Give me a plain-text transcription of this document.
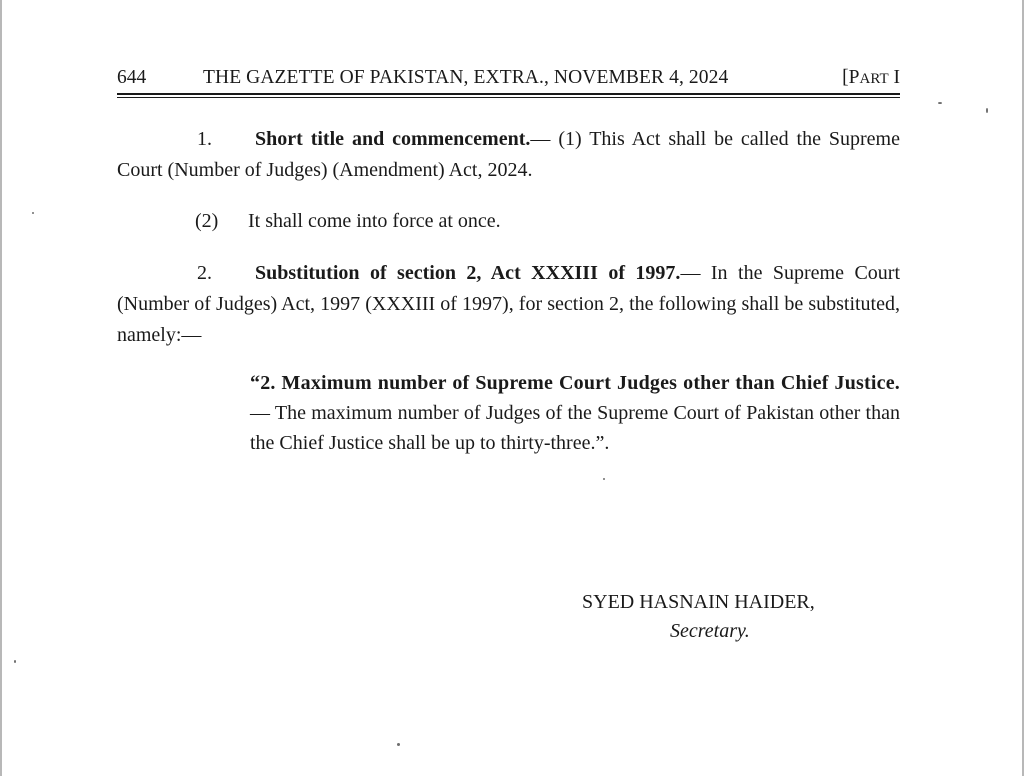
644	THE GAZETTE OF PAKISTAN, EXTRA., NOVEMBER 4, 2024	[PART I
1. Short title and commencement.— (1) This Act shall be called the Supreme Court (Number of Judges) (Amendment) Act, 2024.
(2) It shall come into force at once.
2. Substitution of section 2, Act XXXIII of 1997.— In the Supreme Court (Number of Judges) Act, 1997 (XXXIII of 1997), for section 2, the following shall be substituted, namely:—
“2. Maximum number of Supreme Court Judges other than Chief Justice.— The maximum number of Judges of the Supreme Court of Pakistan other than the Chief Justice shall be up to thirty-three.”.
SYED HASNAIN HAIDER,
Secretary.
